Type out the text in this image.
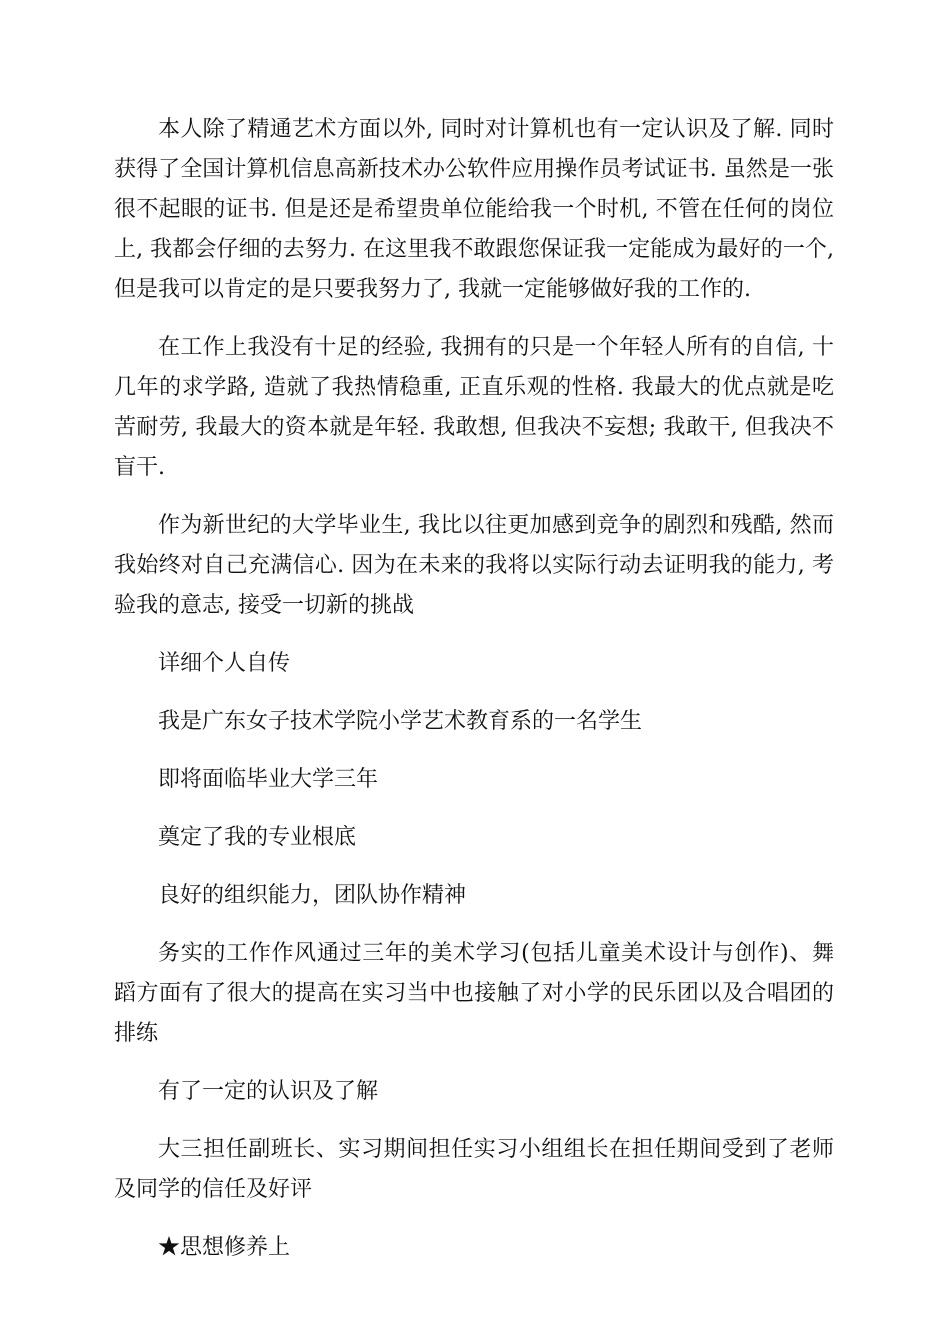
本人除了精通艺术方面以外, 同时对计算机也有一定认识及了解. 同时获得了全国计算机信息高新技术办公软件应用操作员考试证书. 虽然是一张很不起眼的证书. 但是还是希望贵单位能给我一个时机, 不管在任何的岗位上, 我都会仔细的去努力. 在这里我不敢跟您保证我一定能成为最好的一个, 但是我可以肯定的是只要我努力了, 我就一定能够做好我的工作的.

在工作上我没有十足的经验, 我拥有的只是一个年轻人所有的自信, 十几年的求学路, 造就了我热情稳重, 正直乐观的性格. 我最大的优点就是吃苦耐劳, 我最大的资本就是年轻. 我敢想, 但我决不妄想; 我敢干, 但我决不盲干.

作为新世纪的大学毕业生, 我比以往更加感到竞争的剧烈和残酷, 然而我始终对自己充满信心. 因为在未来的我将以实际行动去证明我的能力, 考验我的意志, 接受一切新的挑战

详细个人自传

我是广东女子技术学院小学艺术教育系的一名学生

即将面临毕业大学三年

奠定了我的专业根底

良好的组织能力，团队协作精神

务实的工作作风通过三年的美术学习(包括儿童美术设计与创作)、舞蹈方面有了很大的提高在实习当中也接触了对小学的民乐团以及合唱团的排练

有了一定的认识及了解

大三担任副班长、实习期间担任实习小组组长在担任期间受到了老师及同学的信任及好评

★思想修养上
